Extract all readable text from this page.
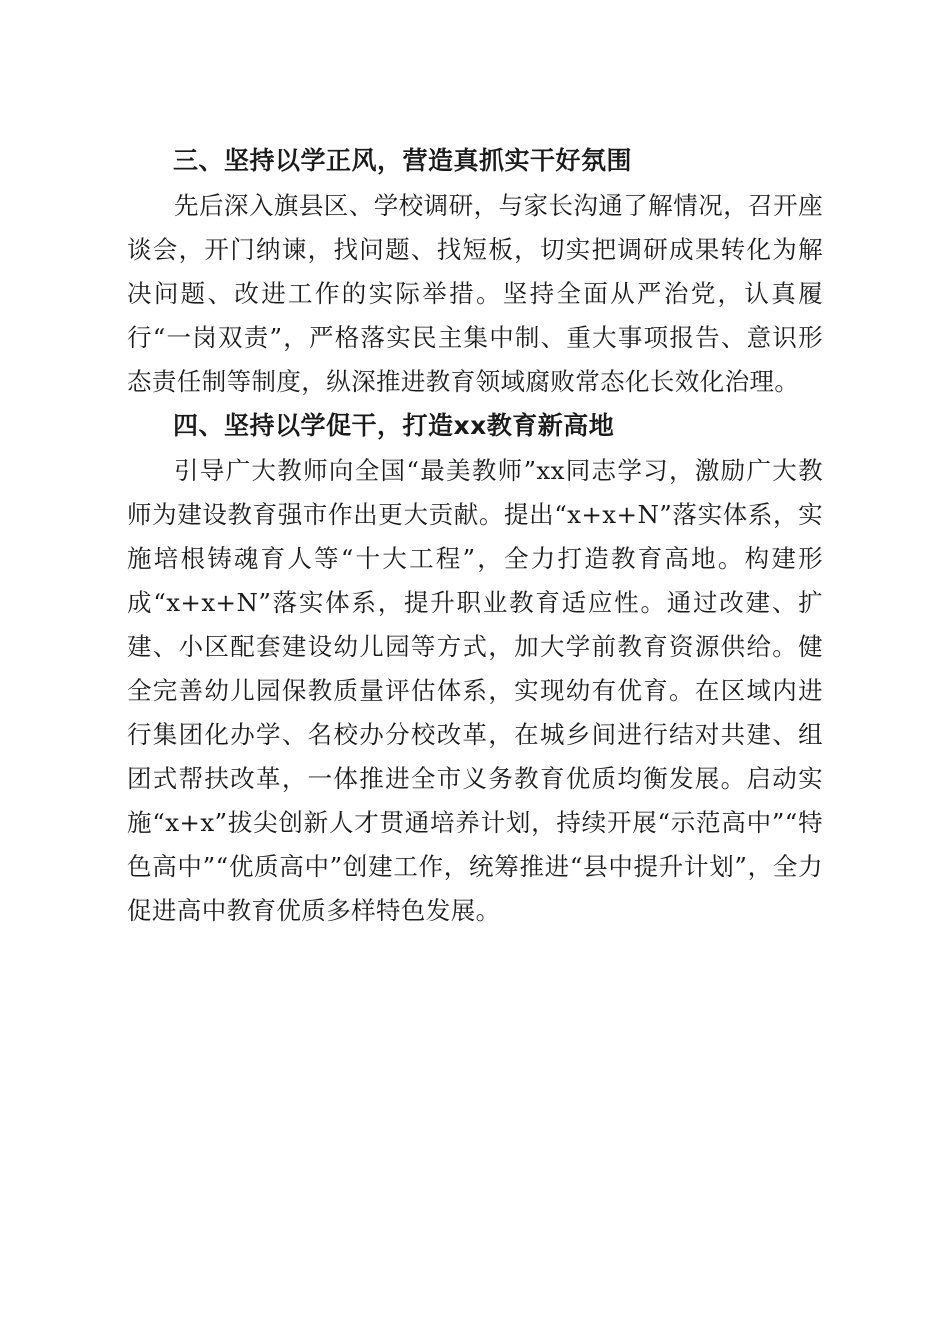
三、坚持以学正风，营造真抓实干好氛围

先后深入旗县区、学校调研，与家长沟通了解情况，召开座谈会，开门纳谏，找问题、找短板，切实把调研成果转化为解决问题、改进工作的实际举措。坚持全面从严治党，认真履行“一岗双责”，严格落实民主集中制、重大事项报告、意识形态责任制等制度，纵深推进教育领域腐败常态化长效化治理。

四、坚持以学促干，打造xx教育新高地

引导广大教师向全国“最美教师”xx同志学习，激励广大教师为建设教育强市作出更大贡献。提出“x+x+N”落实体系，实施培根铸魂育人等“十大工程”，全力打造教育高地。构建形成“x+x+N”落实体系，提升职业教育适应性。通过改建、扩建、小区配套建设幼儿园等方式，加大学前教育资源供给。健全完善幼儿园保教质量评估体系，实现幼有优育。在区域内进行集团化办学、名校办分校改革，在城乡间进行结对共建、组团式帮扶改革，一体推进全市义务教育优质均衡发展。启动实施“x+x”拔尖创新人才贯通培养计划，持续开展“示范高中”“特色高中”“优质高中”创建工作，统筹推进“县中提升计划”，全力促进高中教育优质多样特色发展。
